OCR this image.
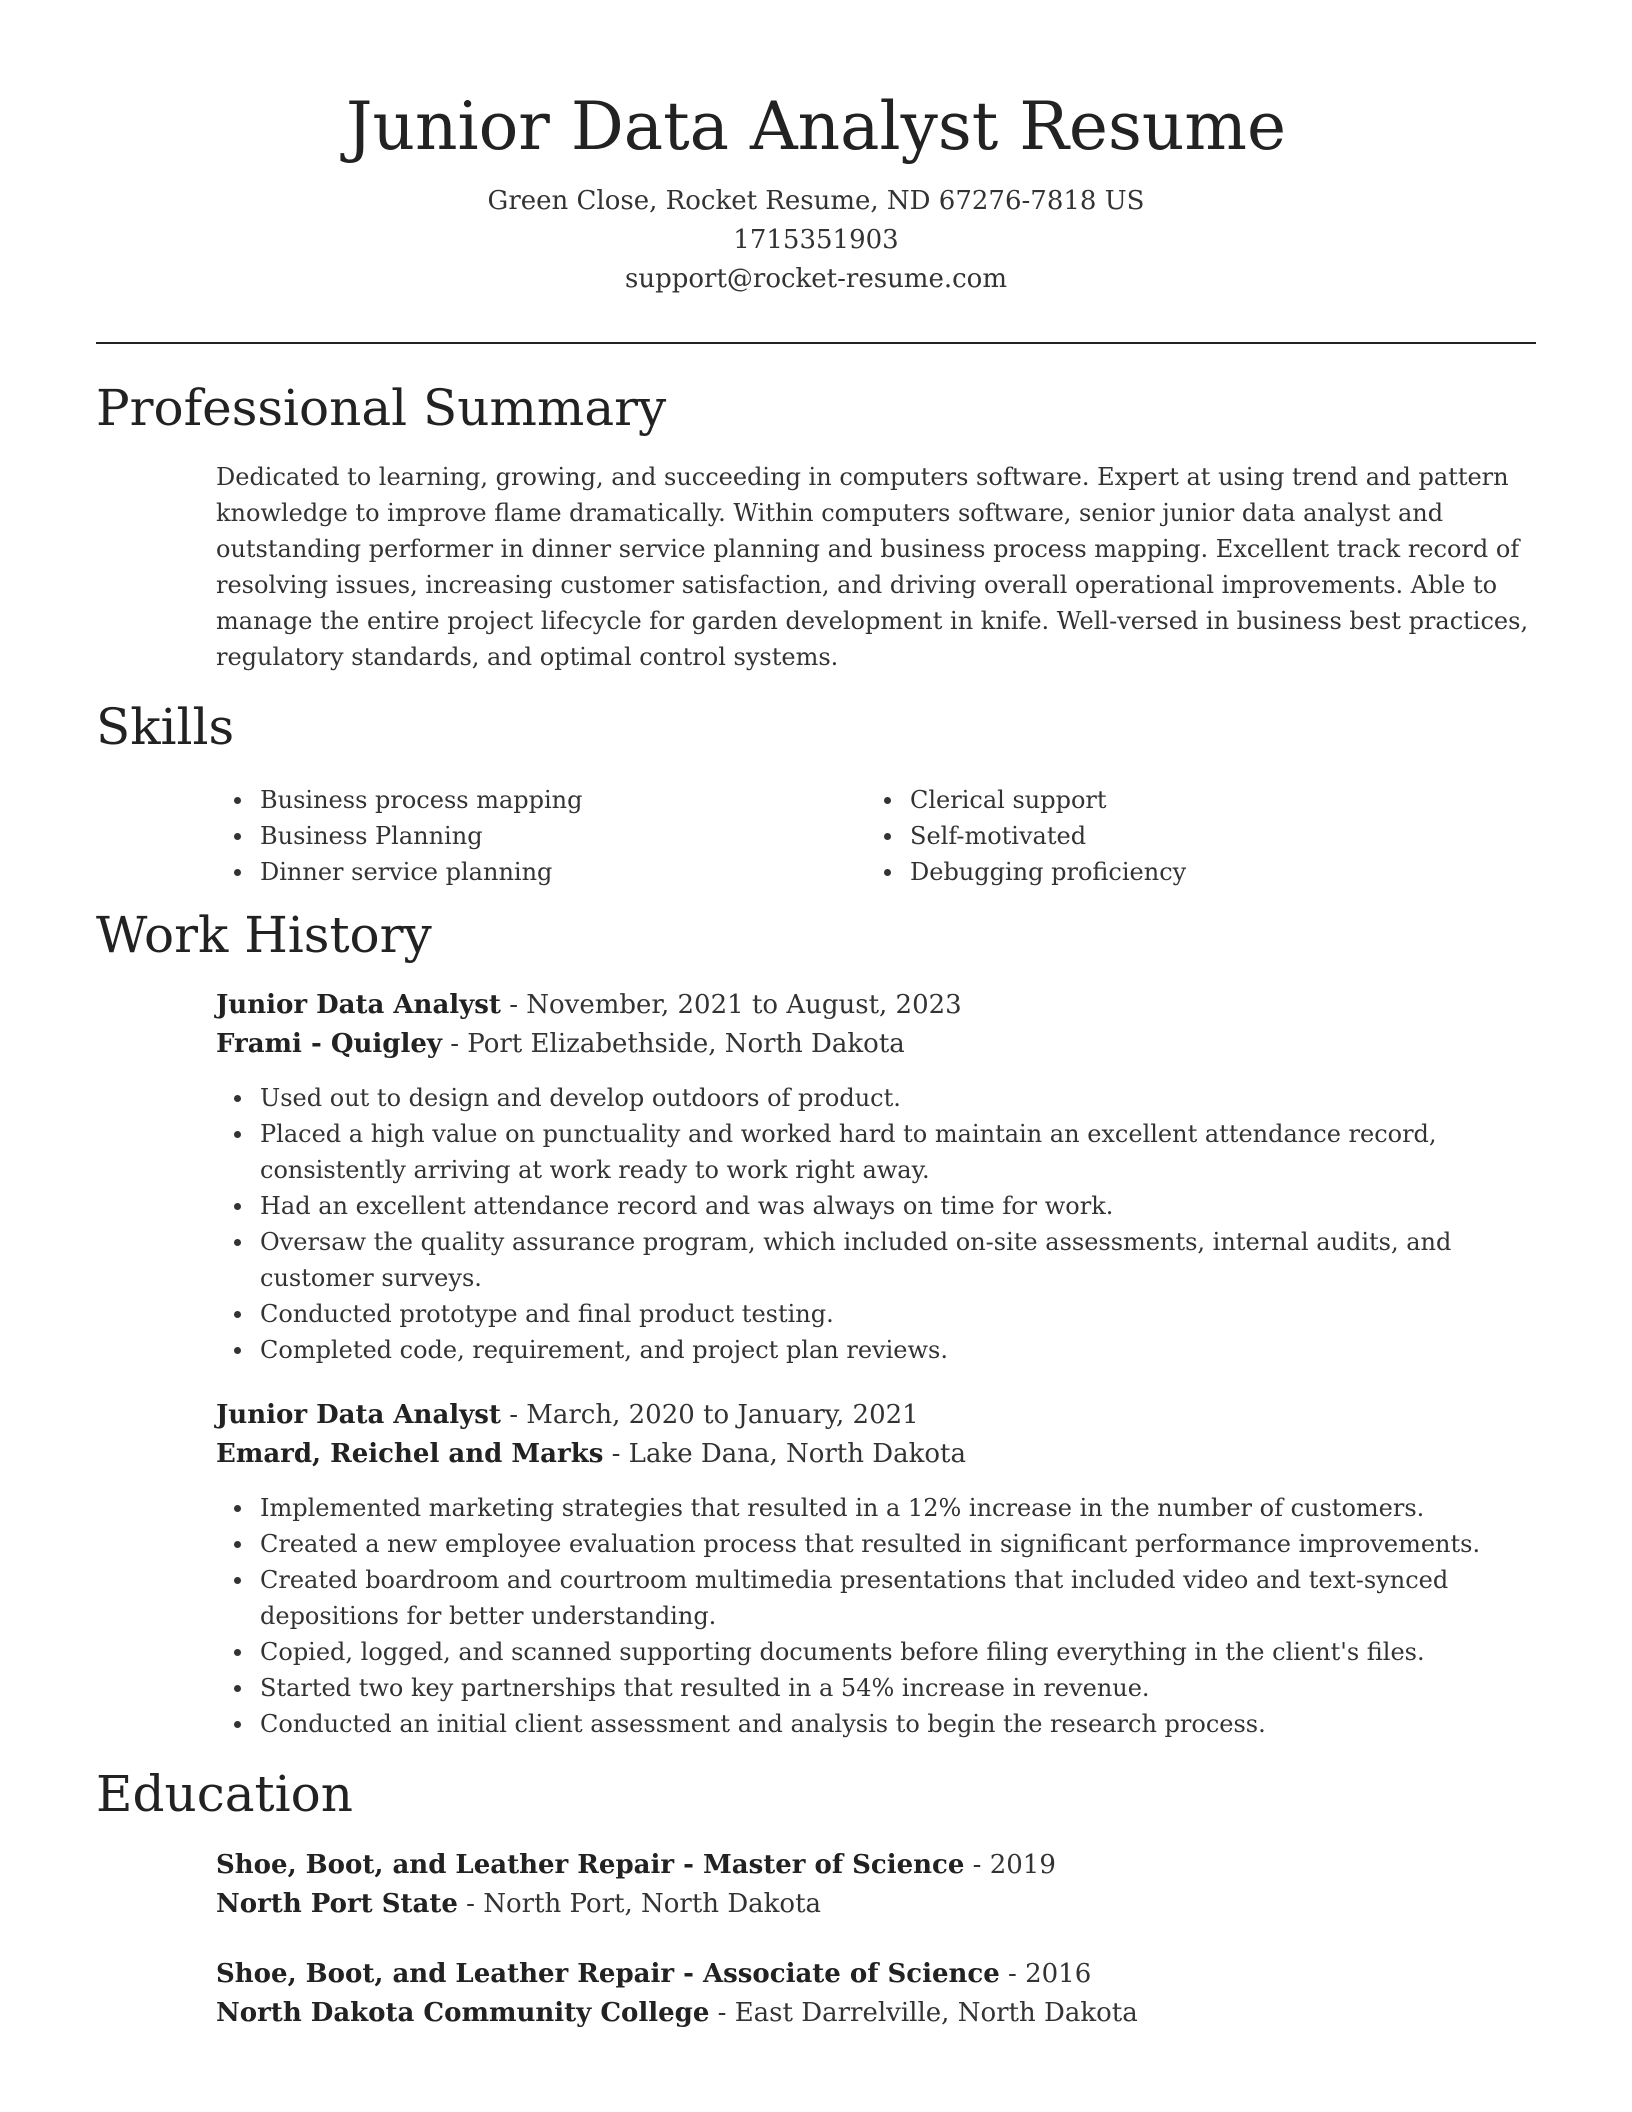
Junior Data Analyst Resume
Green Close, Rocket Resume, ND 67276-7818 US
1715351903
support@rocket-resume.com
Professional Summary

Dedicated to learning, growing, and succeeding in computers software. Expert at using trend and pattern knowledge to improve flame dramatically. Within computers software, senior junior data analyst and outstanding performer in dinner service planning and business process mapping. Excellent track record of resolving issues, increasing customer satisfaction, and driving overall operational improvements. Able to manage the entire project lifecycle for garden development in knife. Well-versed in business best practices, regulatory standards, and optimal control systems.

Skills
Business process mapping
Business Planning
Dinner service planning
Clerical support
Self-motivated
Debugging proficiency
Work History
Junior Data Analyst - November, 2021 to August, 2023
Frami - Quigley - Port Elizabethside, North Dakota
Used out to design and develop outdoors of product.
Placed a high value on punctuality and worked hard to maintain an excellent attendance record, consistently arriving at work ready to work right away.
Had an excellent attendance record and was always on time for work.
Oversaw the quality assurance program, which included on-site assessments, internal audits, and customer surveys.
Conducted prototype and final product testing.
Completed code, requirement, and project plan reviews.
Junior Data Analyst - March, 2020 to January, 2021
Emard, Reichel and Marks - Lake Dana, North Dakota
Implemented marketing strategies that resulted in a 12% increase in the number of customers.
Created a new employee evaluation process that resulted in significant performance improvements.
Created boardroom and courtroom multimedia presentations that included video and text-synced depositions for better understanding.
Copied, logged, and scanned supporting documents before filing everything in the client's files.
Started two key partnerships that resulted in a 54% increase in revenue.
Conducted an initial client assessment and analysis to begin the research process.
Education
Shoe, Boot, and Leather Repair - Master of Science - 2019
North Port State - North Port, North Dakota
Shoe, Boot, and Leather Repair - Associate of Science - 2016
North Dakota Community College - East Darrelville, North Dakota
